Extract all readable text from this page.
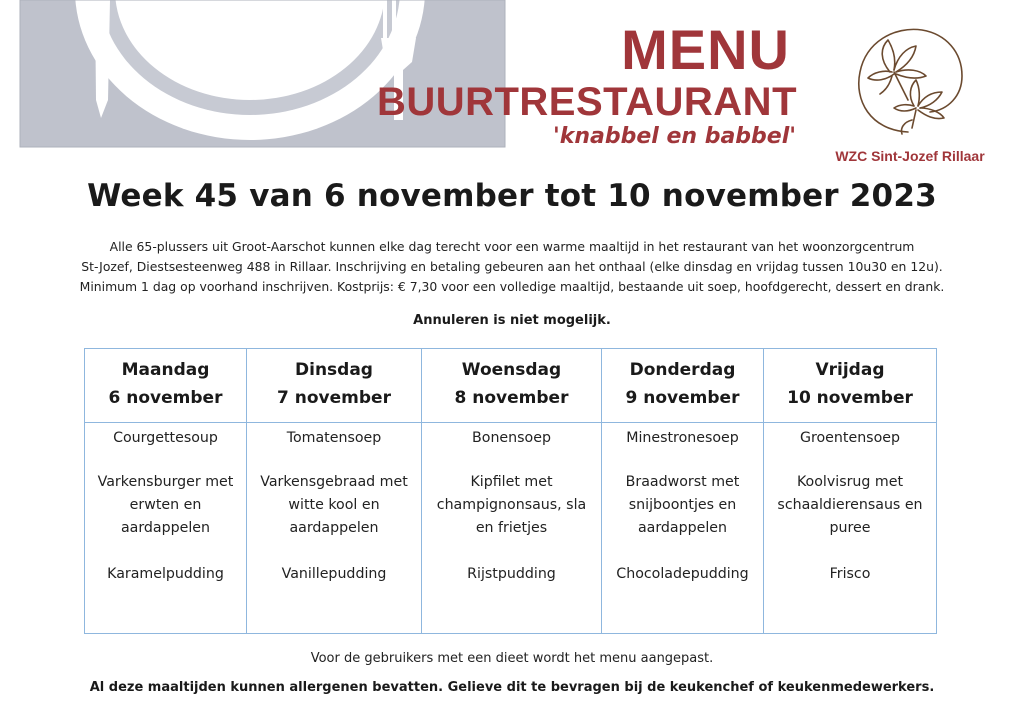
MENU
BUURTRESTAURANT
'knabbel en babbel'
WZC Sint-Jozef Rillaar
Week 45 van 6 november tot 10 november 2023
Alle 65-plussers uit Groot-Aarschot kunnen elke dag terecht voor een warme maaltijd in het restaurant van het woonzorgcentrum
St-Jozef, Diestsesteenweg 488 in Rillaar. Inschrijving en betaling gebeuren aan het onthaal (elke dinsdag en vrijdag tussen 10u30 en 12u).
Minimum 1 dag op voorhand inschrijven. Kostprijs: € 7,30 voor een volledige maaltijd, bestaande uit soep, hoofdgerecht, dessert en drank.
Annuleren is niet mogelijk.
Maandag
6 november
Courgettesoup
Varkensburger met erwten en aardappelen
Karamelpudding
Dinsdag
7 november
Tomatensoep
Varkensgebraad met witte kool en aardappelen
Vanillepudding
Woensdag
8 november
Bonensoep
Kipfilet met champignonsaus, sla en frietjes
Rijstpudding
Donderdag
9 november
Minestronesoep
Braadworst met snijboontjes en aardappelen
Chocoladepudding
Vrijdag
10 november
Groentensoep
Koolvisrug met schaaldierensaus en puree
Frisco
Voor de gebruikers met een dieet wordt het menu aangepast.
Al deze maaltijden kunnen allergenen bevatten. Gelieve dit te bevragen bij de keukenchef of keukenmedewerkers.
